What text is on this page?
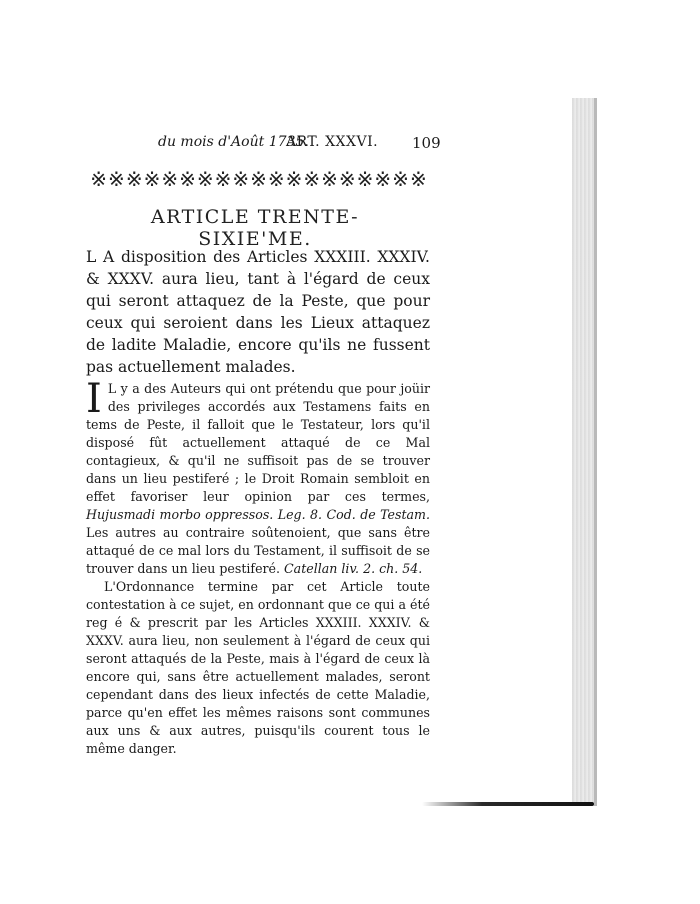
du mois d'Août 1735.
ART. XXXVI. 109
※※※※※※※※※※※※※※※※※※※
ARTICLE TRENTE-SIXIE'ME.

L A disposition des Articles XXXIII. XXXIV. & XXXV. aura lieu, tant à l'égard de ceux qui seront attaquez de la Peste, que pour ceux qui seroient dans les Lieux attaquez de ladite Maladie, encore qu'ils ne fussent pas actuellement malades.

I L y a des Auteurs qui ont prétendu que pour joüir des privileges accordés aux Testamens faits en tems de Peste, il falloit que le Testateur, lors qu'il disposé fût actuellement attaqué de ce Mal contagieux, & qu'il ne suffisoit pas de se trouver dans un lieu pestiferé ; le Droit Romain sembloit en effet favoriser leur opinion par ces termes, Hujusmadi morbo oppressos. Leg. 8. Cod. de Testam. Les autres au contraire soûtenoient, que sans être attaqué de ce mal lors du Testament, il suffisoit de se trouver dans un lieu pestiferé. Catellan liv. 2. ch. 54.

L'Ordonnance termine par cet Article toute contestation à ce sujet, en ordonnant que ce qui a été reg é & prescrit par les Articles XXXIII. XXXIV. & XXXV. aura lieu, non seulement à l'égard de ceux qui seront attaqués de la Peste, mais à l'égard de ceux là encore qui, sans être actuellement malades, seront cependant dans des lieux infectés de cette Maladie, parce qu'en effet les mêmes raisons sont communes aux uns & aux autres, puisqu'ils courent tous le même danger.
